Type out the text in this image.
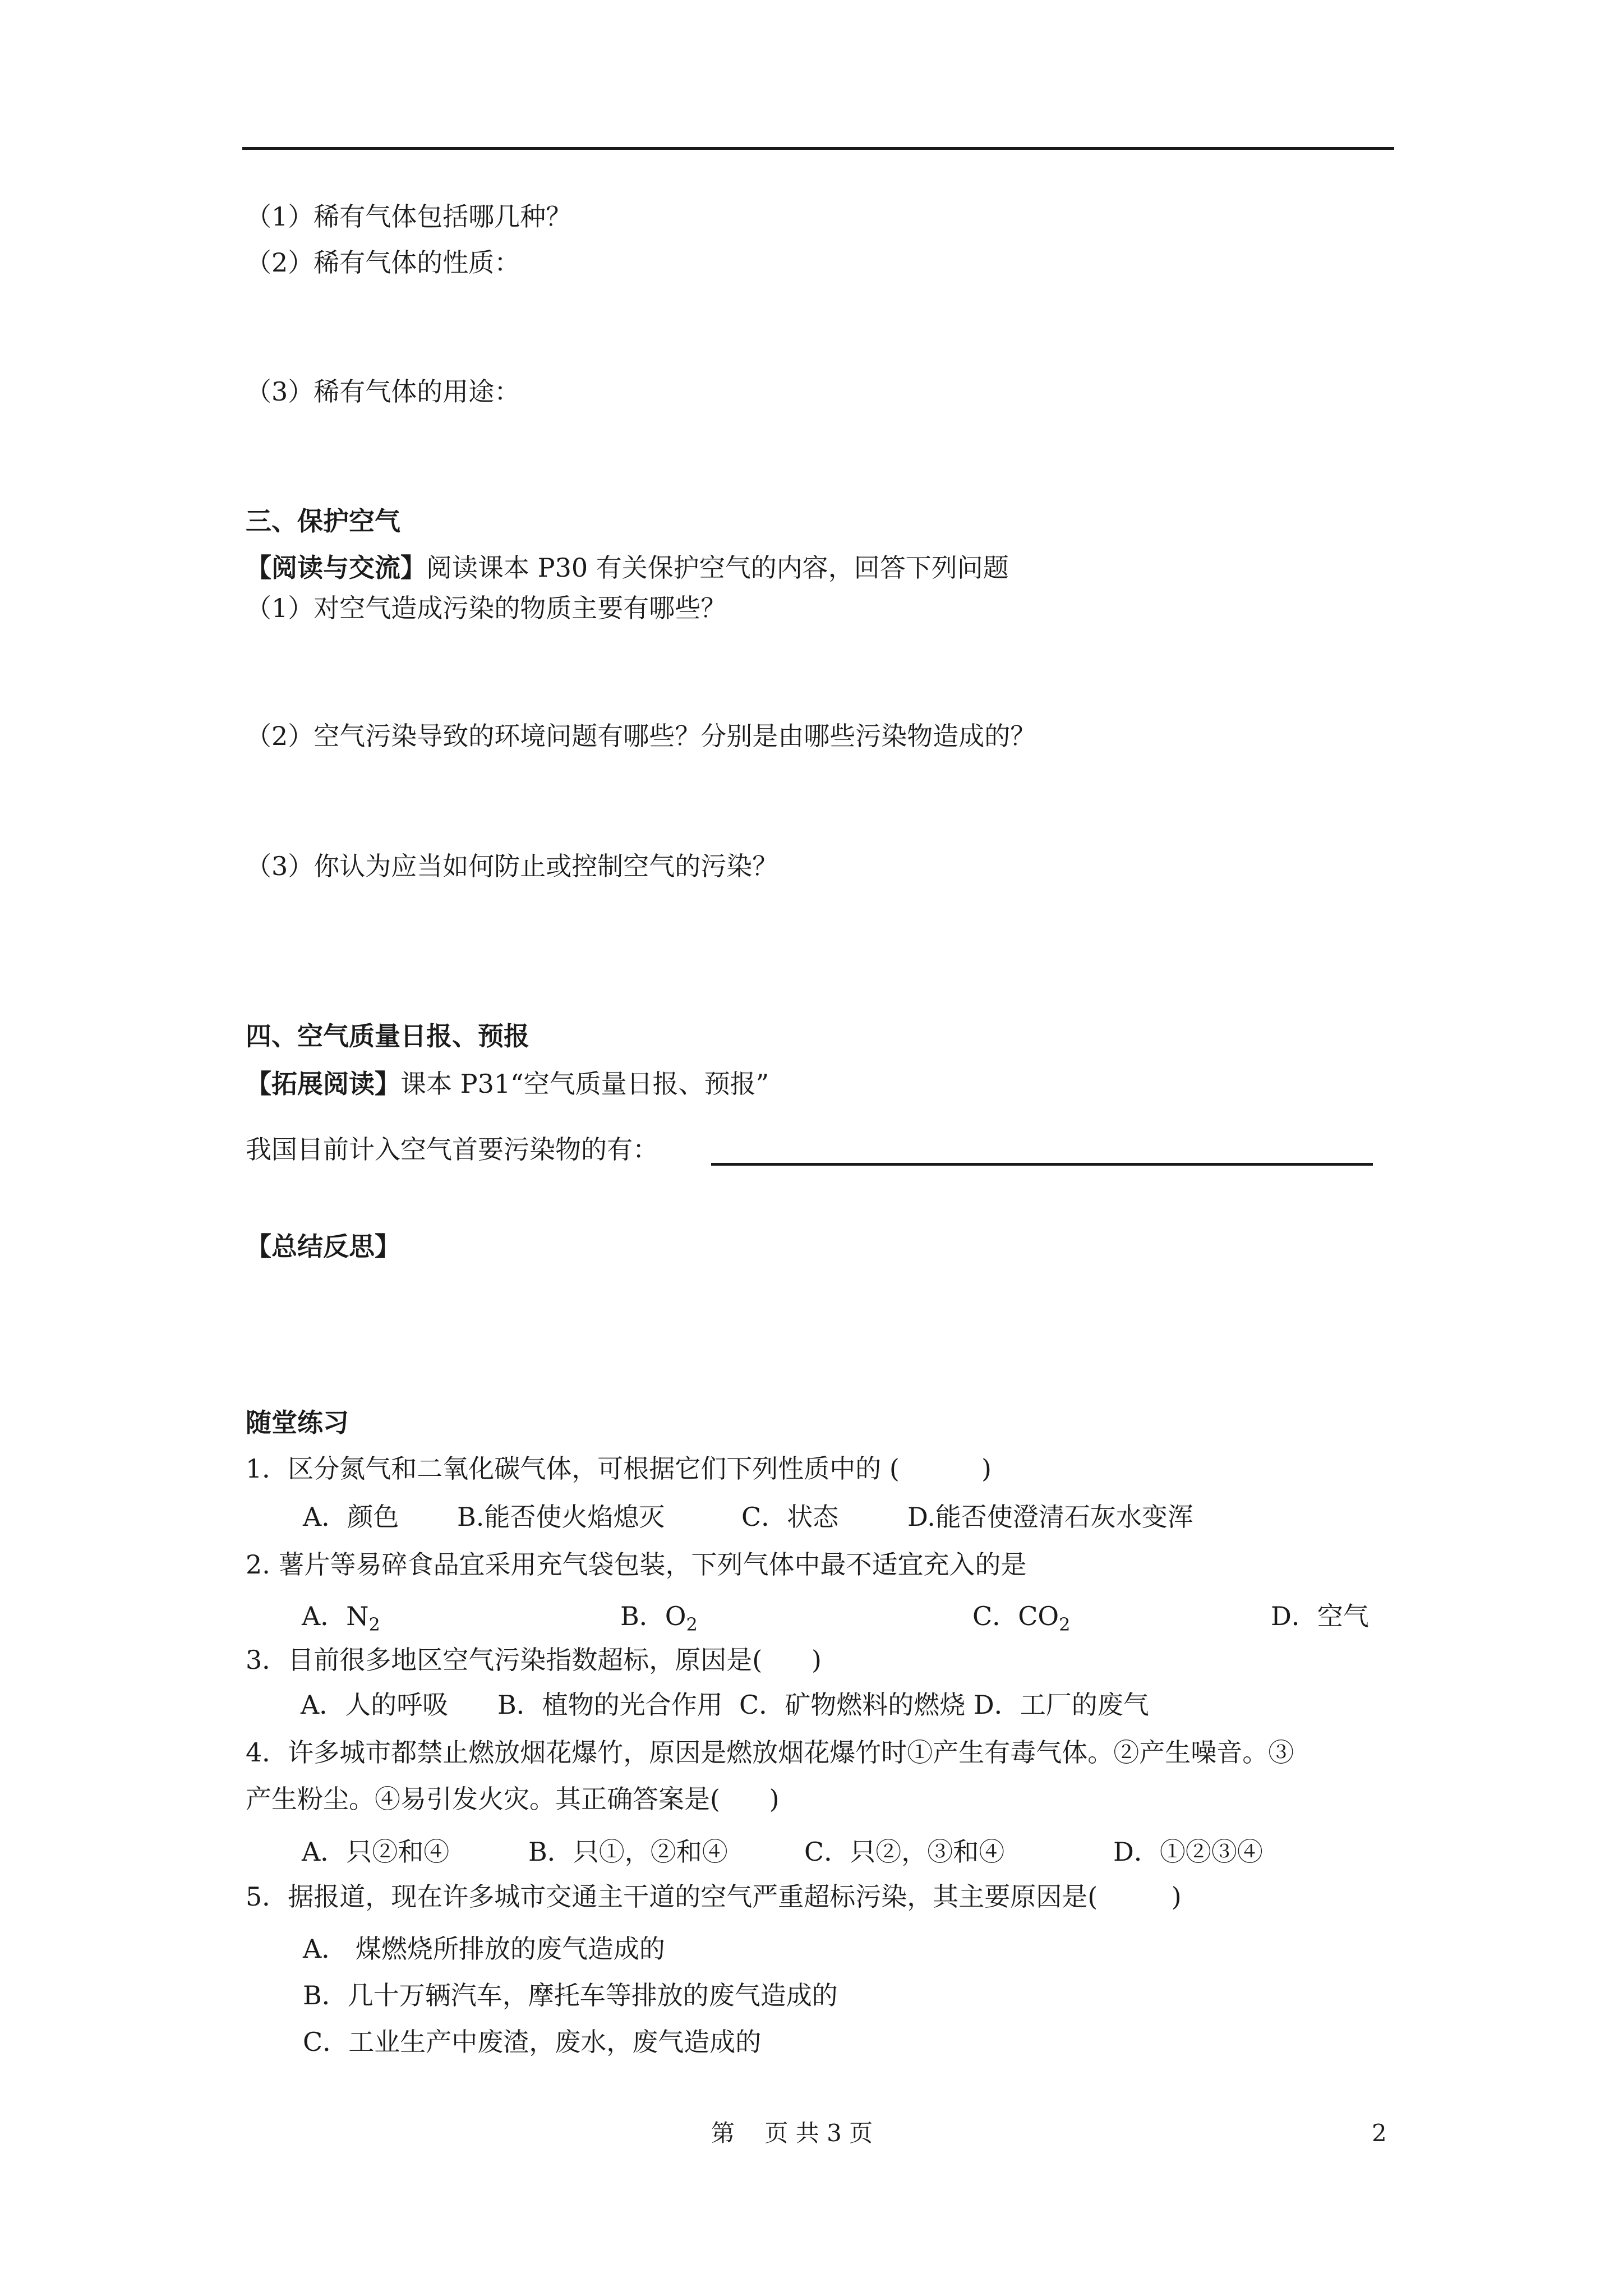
（1）稀有气体包括哪几种？
（2）稀有气体的性质：
（3）稀有气体的用途：
三、保护空气
【阅读与交流】阅读课本 P30 有关保护空气的内容，回答下列问题
（1）对空气造成污染的物质主要有哪些？
（2）空气污染导致的环境问题有哪些？分别是由哪些污染物造成的？
（3）你认为应当如何防止或控制空气的污染？
四、空气质量日报、预报
【拓展阅读】课本 P31“空气质量日报、预报”
我国目前计入空气首要污染物的有：
【总结反思】
随堂练习
1．区分氮气和二氧化碳气体，可根据它们下列性质中的 (          )
A．颜色 B.能否使火焰熄灭	C．状态	D.能否使澄清石灰水变浑
2. 薯片等易碎食品宜采用充气袋包装，下列气体中最不适宜充入的是
A．$N_2$	B．$O_2$	C．$CO_2$	D．空气
3．目前很多地区空气污染指数超标，原因是(      )
A．人的呼吸      B．植物的光合作用  C．矿物燃料的燃烧 D．工厂的废气
4．许多城市都禁止燃放烟花爆竹，原因是燃放烟花爆竹时①产生有毒气体。②产生噪音。③
产生粉尘。④易引发火灾。其正确答案是(      )
A．只②和④	B．只①，②和④	C．只②，③和④	D．①②③④
5．据报道，现在许多城市交通主干道的空气严重超标污染，其主要原因是(         )
A． 煤燃烧所排放的废气造成的
B．几十万辆汽车，摩托车等排放的废气造成的
C．工业生产中废渣，废水，废气造成的
第    页 共 3 页	2
